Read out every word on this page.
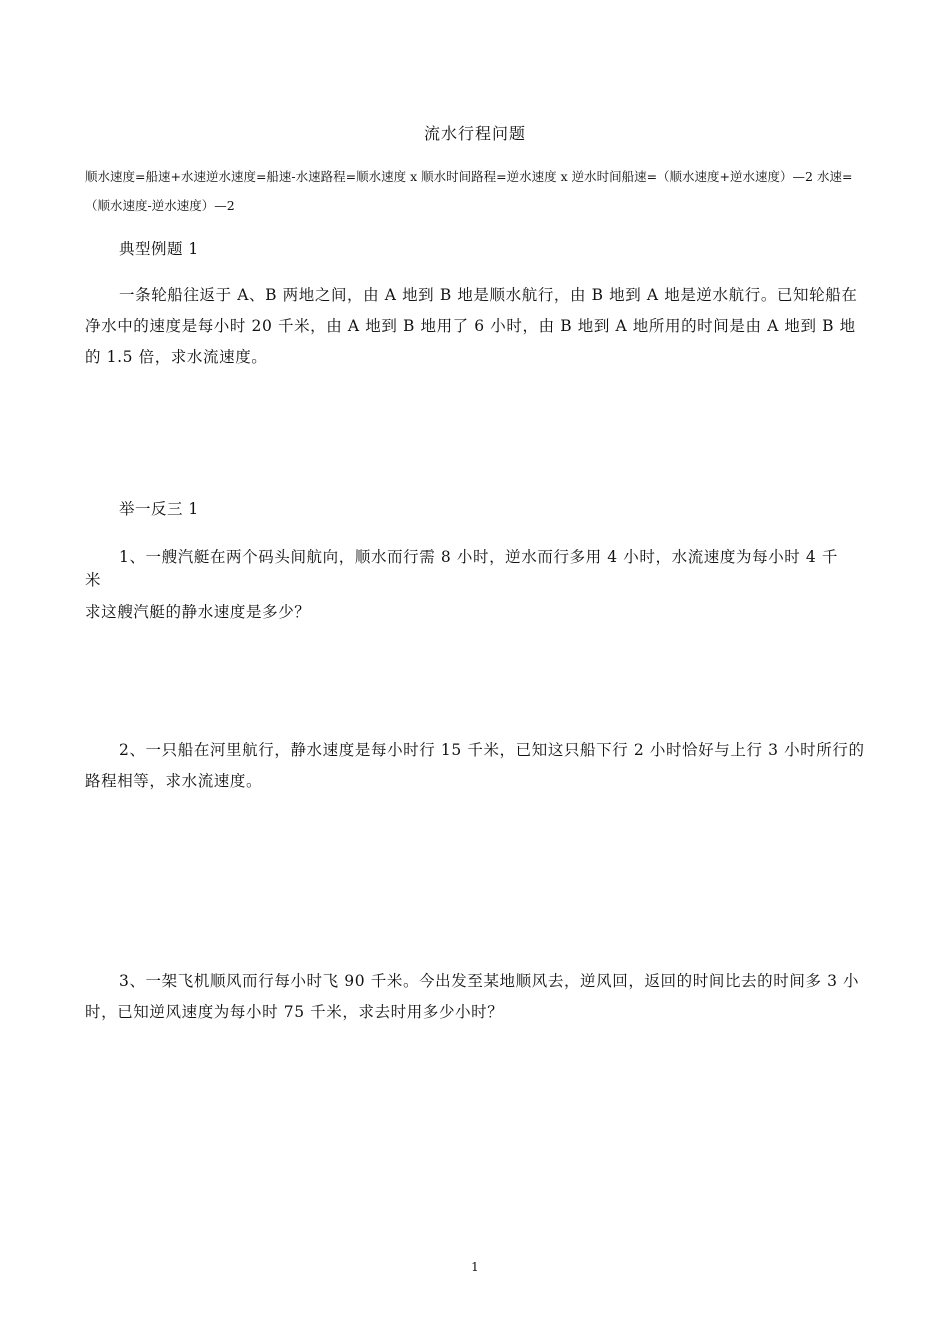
流水行程问题
顺水速度=船速+水速逆水速度=船速-水速路程=顺水速度 x 顺水时间路程=逆水速度 x 逆水时间船速=（顺水速度+逆水速度）—2 水速=（顺水速度-逆水速度）—2
典型例题 1
一条轮船往返于 A、B 两地之间，由 A 地到 B 地是顺水航行，由 B 地到 A 地是逆水航行。已知轮船在净水中的速度是每小时 20 千米，由 A 地到 B 地用了 6 小时，由 B 地到 A 地所用的时间是由 A 地到 B 地的 1.5 倍，求水流速度。
举一反三 1
1、一艘汽艇在两个码头间航向，顺水而行需 8 小时，逆水而行多用 4 小时，水流速度为每小时 4 千
米
求这艘汽艇的静水速度是多少？
2、一只船在河里航行，静水速度是每小时行 15 千米，已知这只船下行 2 小时恰好与上行 3 小时所行的路程相等，求水流速度。
3、一架飞机顺风而行每小时飞 90 千米。今出发至某地顺风去，逆风回，返回的时间比去的时间多 3 小时，已知逆风速度为每小时 75 千米，求去时用多少小时？
1
